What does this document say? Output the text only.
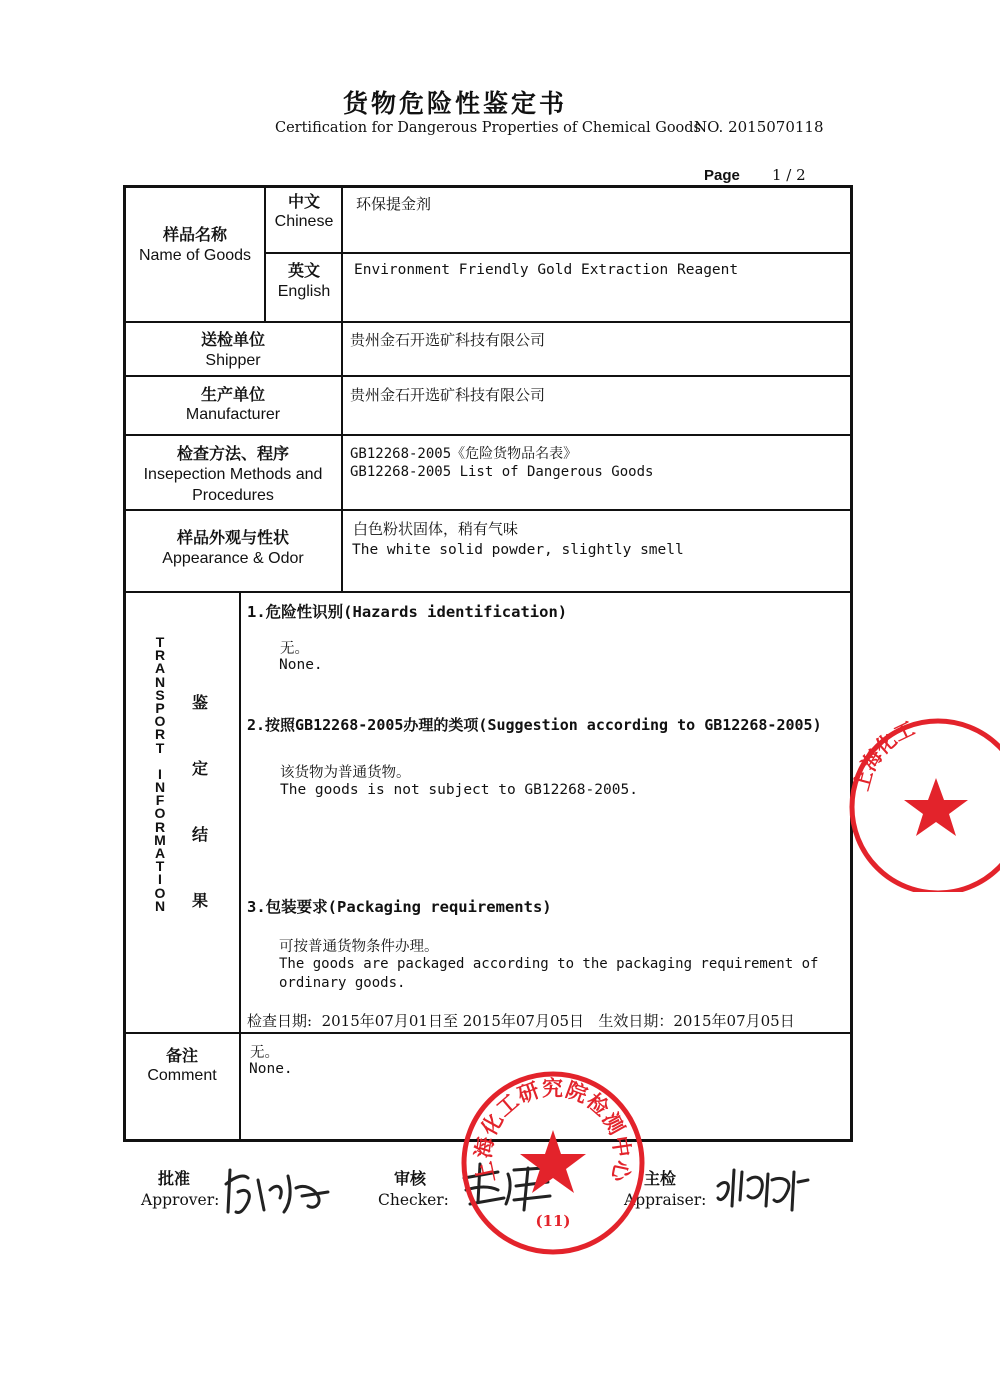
货物危险性鉴定书
Certification for Dangerous Properties of Chemical Goods
NO. 2015070118
Page 1 / 2
样品名称
Name of Goods
中文
Chinese
环保提金剂
英文
English
Environment Friendly Gold Extraction Reagent
送检单位
Shipper
贵州金石开选矿科技有限公司
生产单位
Manufacturer
贵州金石开选矿科技有限公司
检查方法、程序
Insepection Methods and
Procedures
GB12268-2005《危险货物品名表》
GB12268-2005 List of Dangerous Goods
样品外观与性状
Appearance & Odor
白色粉状固体，稍有气味
The white solid powder, slightly smell
T
R
A
N
S
P
O
R
T
I
N
F
O
R
M
A
T
I
O
N
鉴
定
结
果
1.危险性识别(Hazards identification)
无。
None.
2.按照GB12268-2005办理的类项(Suggestion according to GB12268-2005)
该货物为普通货物。
The goods is not subject to GB12268-2005.
3.包装要求(Packaging requirements)
可按普通货物条件办理。
The goods are packaged according to the packaging requirement of
ordinary goods.
检查日期:  2015年07月01日至 2015年07月05日   生效日期：2015年07月05日
备注
Comment
无。
None.
批准
Approver:
审核
Checker:
主检
Appraiser:
上海化工研究院检测中心
(11)
上海化工
